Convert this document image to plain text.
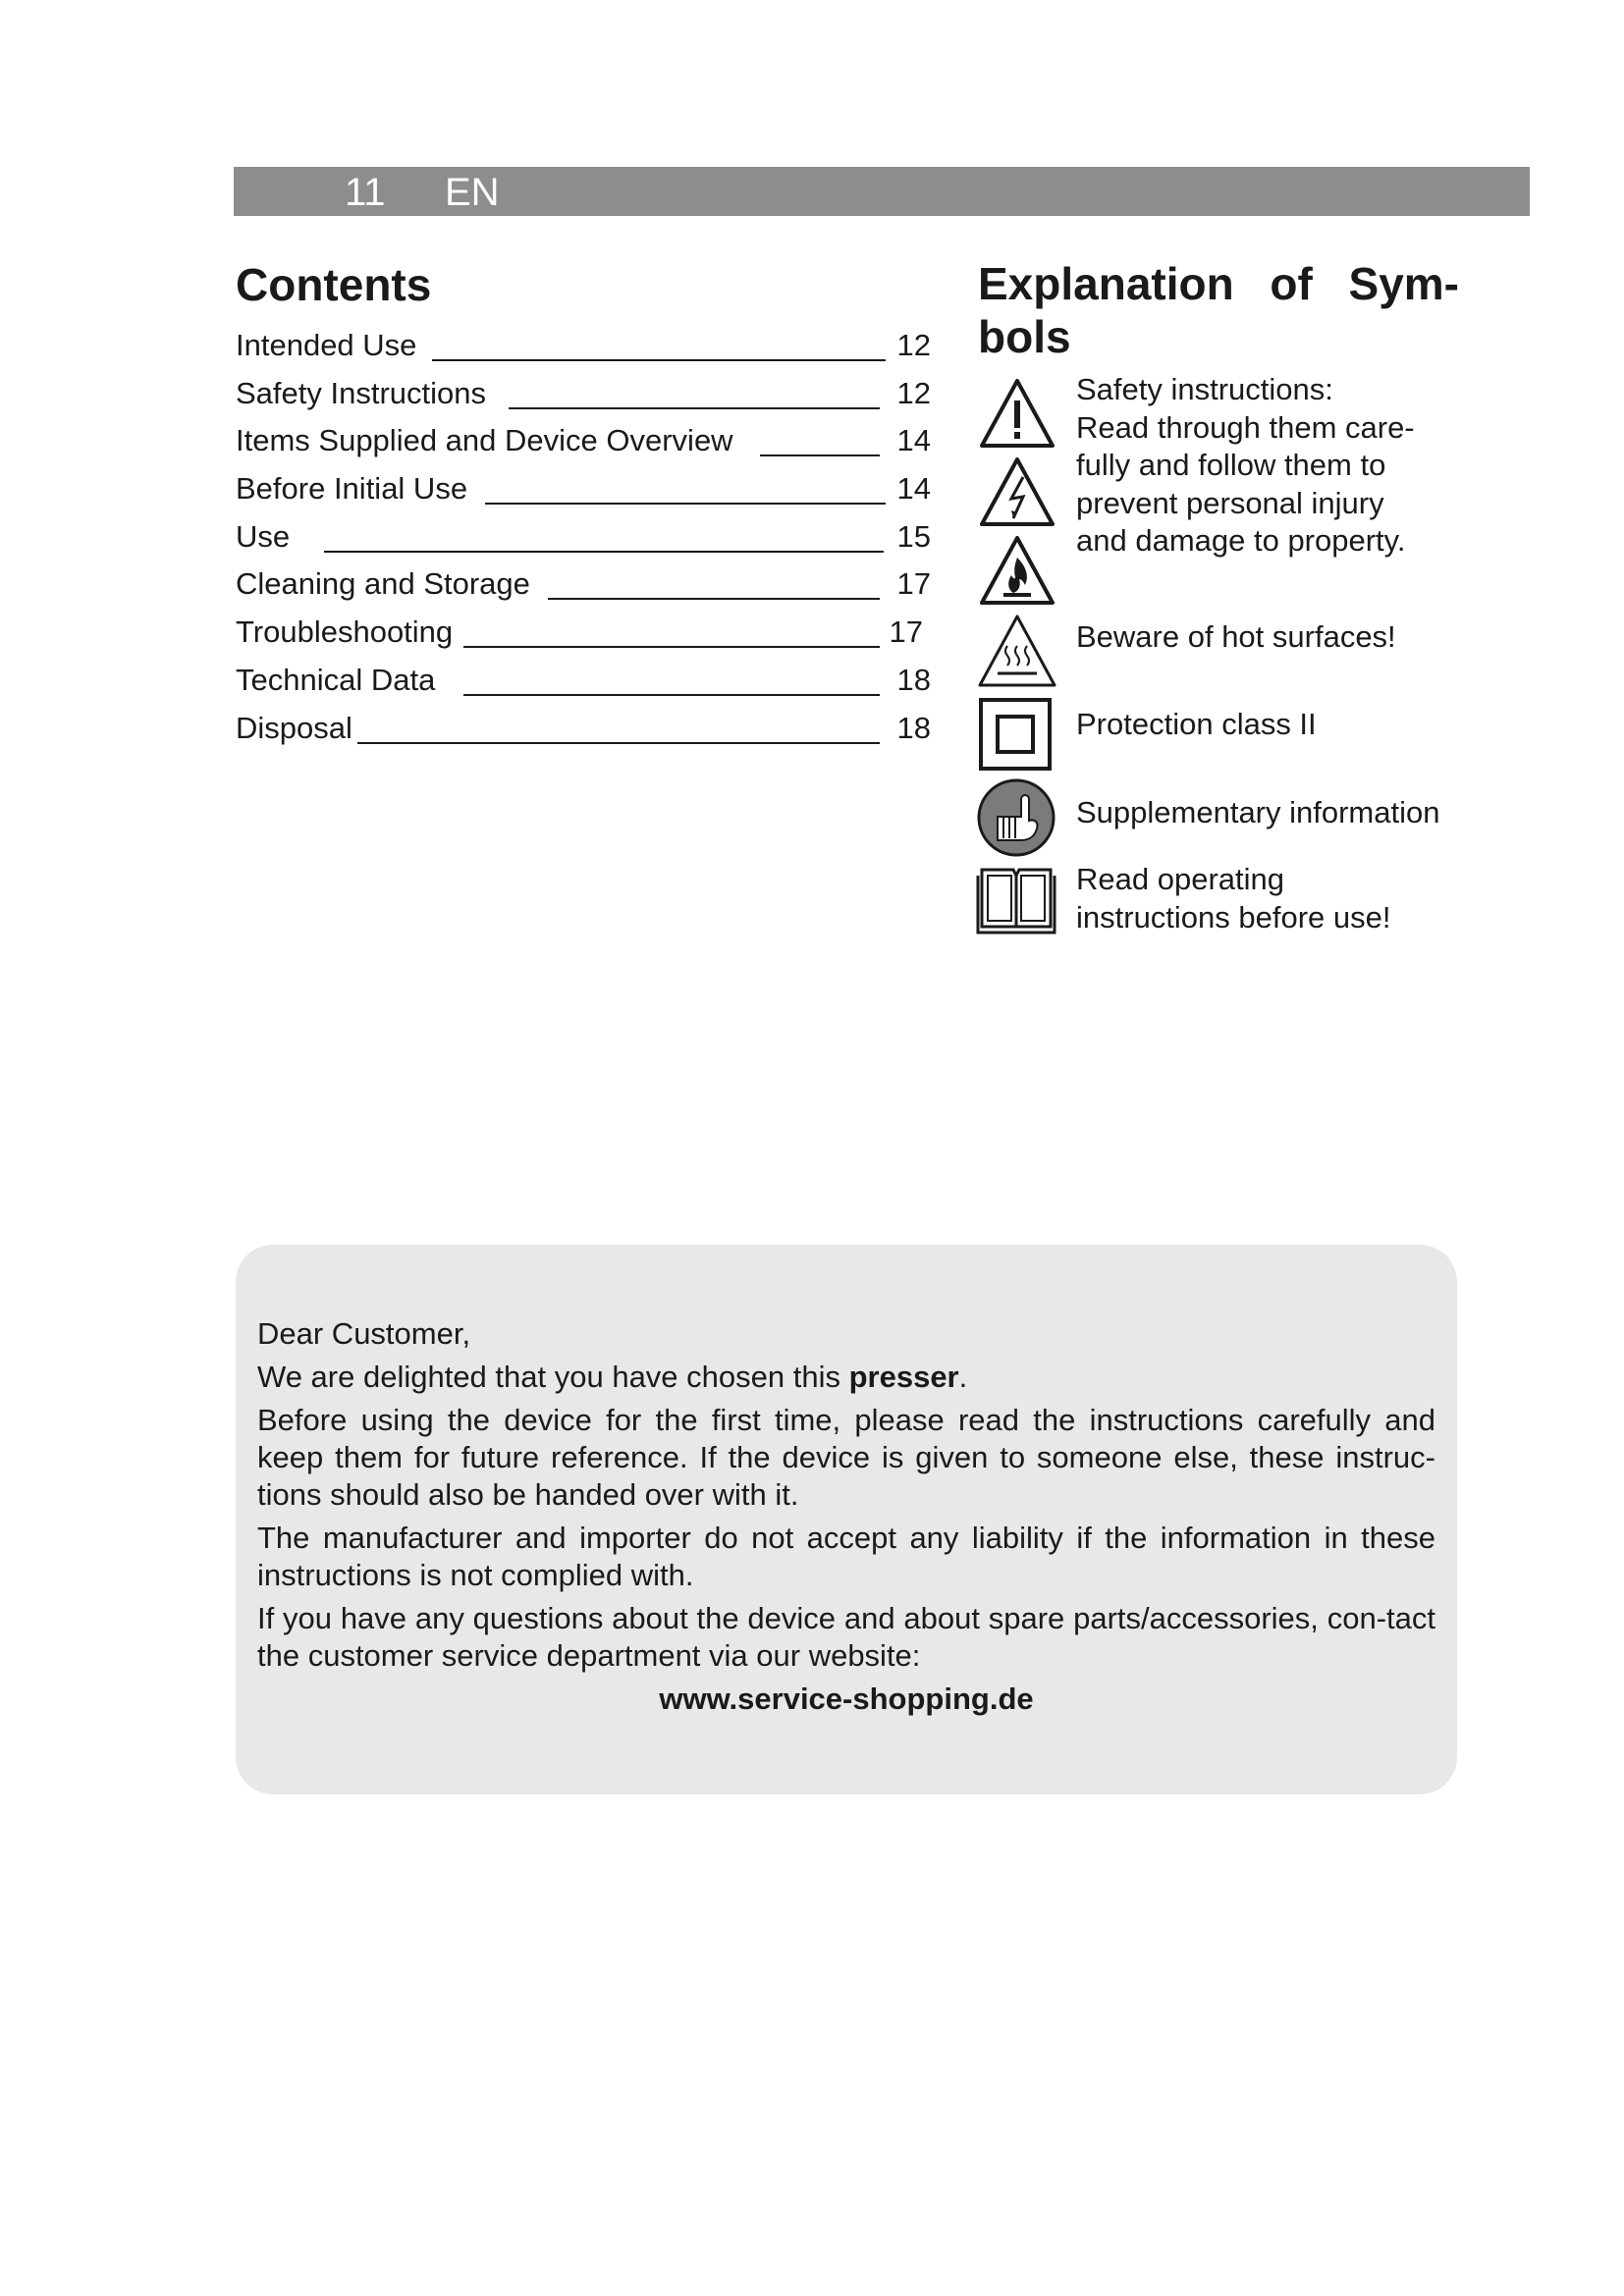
11 EN
Contents
Intended Use	12
Safety Instructions	12
Items Supplied and Device Overview	14
Before Initial Use	14
Use	15
Cleaning and Storage	17
Troubleshooting	17
Technical Data	18
Disposal	18
Explanation of Sym-
bols
Safety instructions:
Read through them care-
fully and follow them to
prevent personal injury
and damage to property.
Beware of hot surfaces!
Protection class II
Supplementary information
Read operating
instructions before use!

Dear Customer,

We are delighted that you have chosen this presser.

Before using the device for the first time, please read the instructions carefully and keep them for future reference. If the device is given to someone else, these instruc-tions should also be handed over with it.

The manufacturer and importer do not accept any liability if the information in these instructions is not complied with.

If you have any questions about the device and about spare parts/accessories, con-tact the customer service department via our website:

www.service-shopping.de
